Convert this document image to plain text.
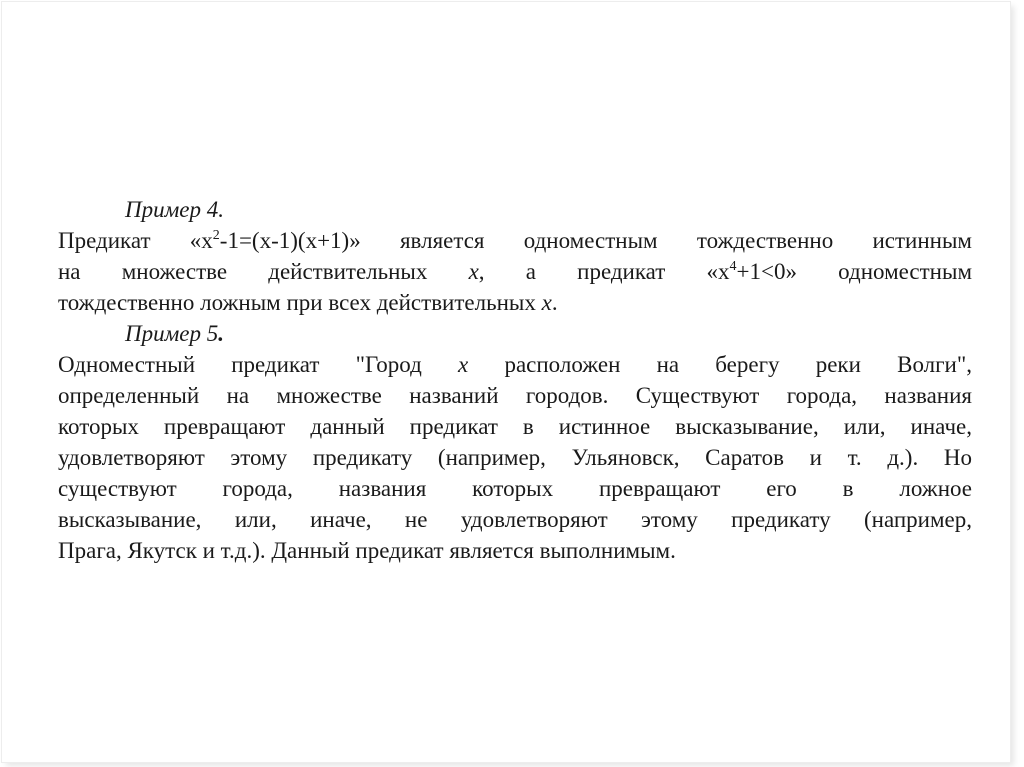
Пример 4.
Предикат «$x^2-1=(x-1)(x+1)$» является одноместным тождественно истинным
на множестве действительных x, а предикат «$x^4+1<0$» одноместным
тождественно ложным при всех действительных x.
Пример 5.
Одноместный предикат "Город x расположен на берегу реки Волги",
определенный на множестве названий городов. Существуют города, названия
которых превращают данный предикат в истинное высказывание, или, иначе,
удовлетворяют этому предикату (например, Ульяновск, Саратов и т. д.). Но
существуют города, названия которых превращают его в ложное
высказывание, или, иначе, не удовлетворяют этому предикату (например,
Прага, Якутск и т.д.). Данный предикат является выполнимым.
